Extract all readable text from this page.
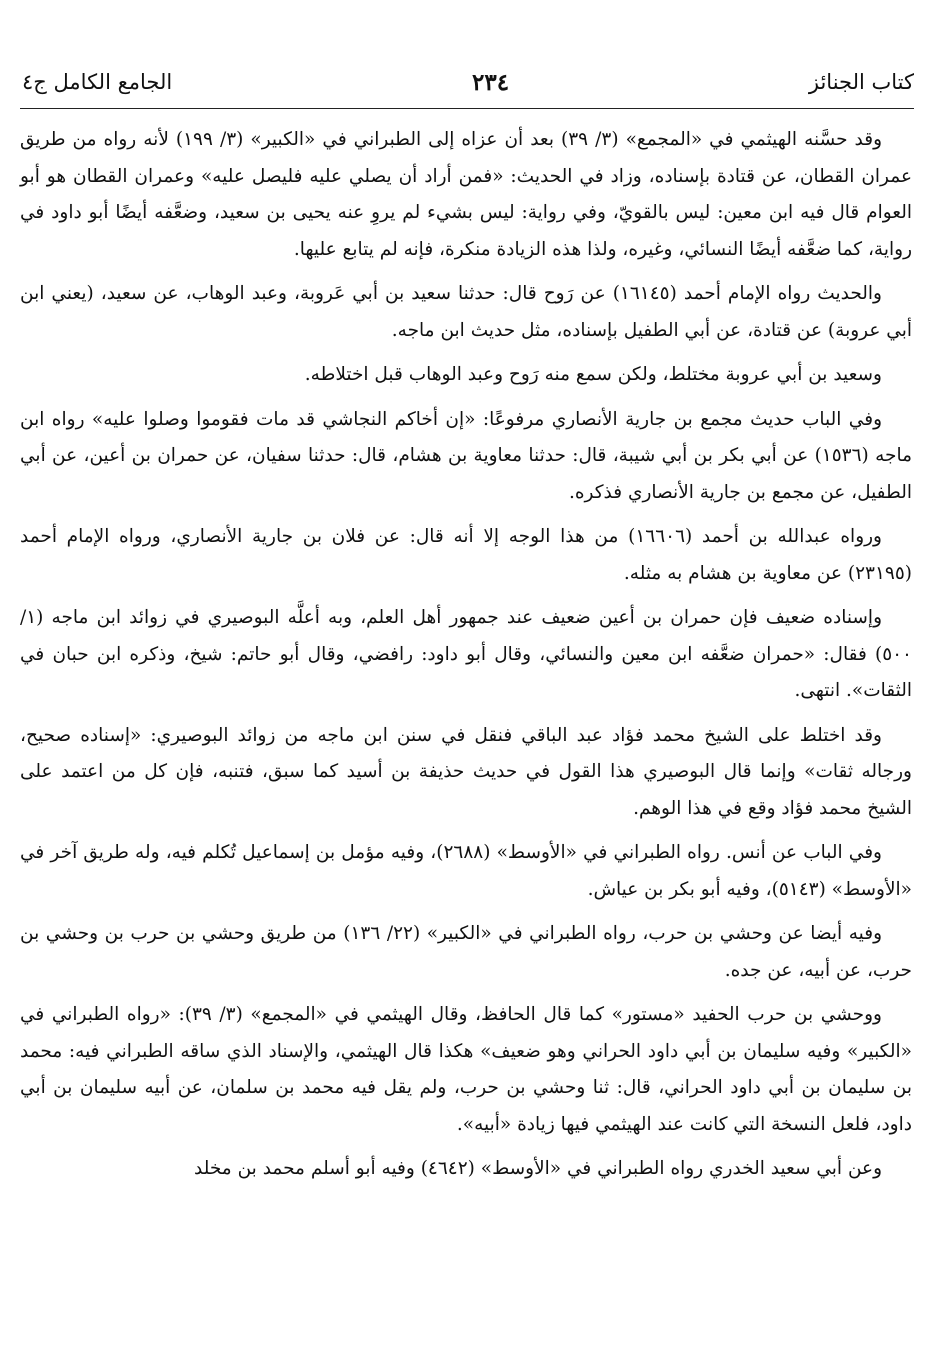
كتاب الجنائز
٢٣٤
الجامع الكامل ج٤

وقد حسَّنه الهيثمي في «المجمع» (٣/ ٣٩) بعد أن عزاه إلى الطبراني في «الكبير» (٣/ ١٩٩) لأنه رواه من طريق عمران القطان، عن قتادة بإسناده، وزاد في الحديث: «فمن أراد أن يصلي عليه فليصل عليه» وعمران القطان هو أبو العوام قال فيه ابن معين: ليس بالقويّ، وفي رواية: ليس بشيء لم يروِ عنه يحيى بن سعيد، وضعَّفه أيضًا أبو داود في رواية، كما ضعَّفه أيضًا النسائي، وغيره، ولذا هذه الزيادة منكرة، فإنه لم يتابع عليها.

والحديث رواه الإمام أحمد (١٦١٤٥) عن رَوح قال: حدثنا سعيد بن أبي عَروبة، وعبد الوهاب، عن سعيد، (يعني ابن أبي عروبة) عن قتادة، عن أبي الطفيل بإسناده، مثل حديث ابن ماجه.

وسعيد بن أبي عروبة مختلط، ولكن سمع منه رَوح وعبد الوهاب قبل اختلاطه.

وفي الباب حديث مجمع بن جارية الأنصاري مرفوعًا: «إن أخاكم النجاشي قد مات فقوموا وصلوا عليه» رواه ابن ماجه (١٥٣٦) عن أبي بكر بن أبي شيبة، قال: حدثنا معاوية بن هشام، قال: حدثنا سفيان، عن حمران بن أعين، عن أبي الطفيل، عن مجمع بن جارية الأنصاري فذكره.

ورواه عبدالله بن أحمد (١٦٦٠٦) من هذا الوجه إلا أنه قال: عن فلان بن جارية الأنصاري، ورواه الإمام أحمد (٢٣١٩٥) عن معاوية بن هشام به مثله.

وإسناده ضعيف فإن حمران بن أعين ضعيف عند جمهور أهل العلم، وبه أعلَّه البوصيري في زوائد ابن ماجه (١/ ٥٠٠) فقال: «حمران ضعَّفه ابن معين والنسائي، وقال أبو داود: رافضي، وقال أبو حاتم: شيخ، وذكره ابن حبان في الثقات». انتهى.

وقد اختلط على الشيخ محمد فؤاد عبد الباقي فنقل في سنن ابن ماجه من زوائد البوصيري: «إسناده صحيح، ورجاله ثقات» وإنما قال البوصيري هذا القول في حديث حذيفة بن أسيد كما سبق، فتنبه، فإن كل من اعتمد على الشيخ محمد فؤاد وقع في هذا الوهم.

وفي الباب عن أنس. رواه الطبراني في «الأوسط» (٢٦٨٨)، وفيه مؤمل بن إسماعيل تُكلم فيه، وله طريق آخر في «الأوسط» (٥١٤٣)، وفيه أبو بكر بن عياش.

وفيه أيضا عن وحشي بن حرب، رواه الطبراني في «الكبير» (٢٢/ ١٣٦) من طريق وحشي بن حرب بن وحشي بن حرب، عن أبيه، عن جده.

ووحشي بن حرب الحفيد «مستور» كما قال الحافظ، وقال الهيثمي في «المجمع» (٣/ ٣٩): «رواه الطبراني في «الكبير» وفيه سليمان بن أبي داود الحراني وهو ضعيف» هكذا قال الهيثمي، والإسناد الذي ساقه الطبراني فيه: محمد بن سليمان بن أبي داود الحراني، قال: ثنا وحشي بن حرب، ولم يقل فيه محمد بن سلمان، عن أبيه سليمان بن أبي داود، فلعل النسخة التي كانت عند الهيثمي فيها زيادة «أبيه».

وعن أبي سعيد الخدري رواه الطبراني في «الأوسط» (٤٦٤٢) وفيه أبو أسلم محمد بن مخلد
